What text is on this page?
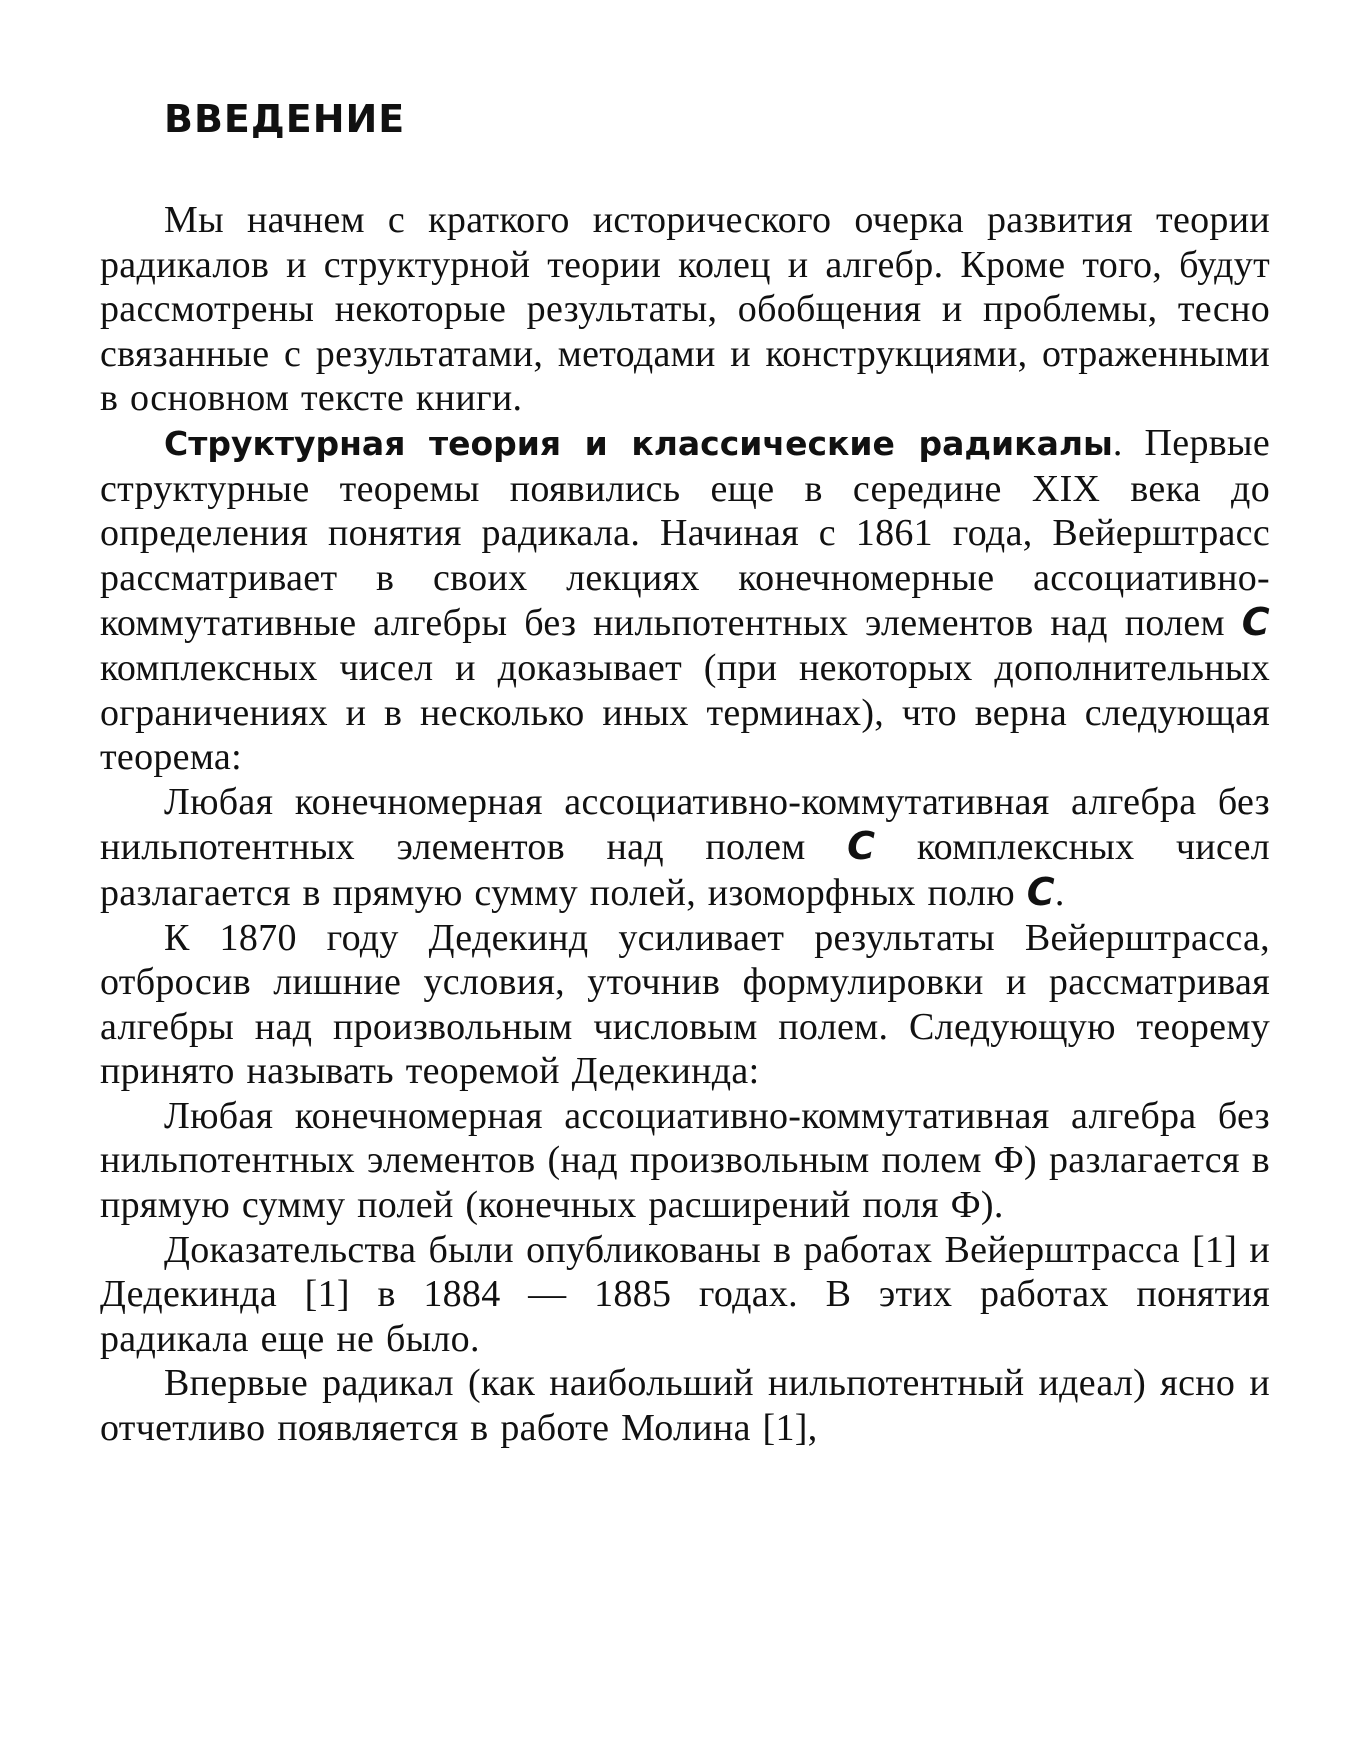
ВВЕДЕНИЕ

Мы начнем с краткого исторического очерка развития теории радикалов и структурной теории колец и алгебр. Кроме того, будут рассмотрены некоторые результаты, обобщения и проблемы, тесно связанные с результатами, методами и конструкциями, отраженными в основном тексте книги.

Структурная теория и классические радикалы. Первые структурные теоремы появились еще в середине XIX века до определения понятия радикала. Начиная с 1861 года, Вейерштрасс рассматривает в своих лекциях конечномерные ассоциативно-коммутативные алгебры без нильпотентных элементов над полем C комплексных чисел и доказывает (при некоторых дополнительных ограничениях и в несколько иных терминах), что верна следующая теорема:

Любая конечномерная ассоциативно-коммутативная алгебра без нильпотентных элементов над полем C комплексных чисел разлагается в прямую сумму полей, изоморфных полю C.

К 1870 году Дедекинд усиливает результаты Вейерштрасса, отбросив лишние условия, уточнив формулировки и рассматривая алгебры над произвольным числовым полем. Следующую теорему принято называть теоремой Дедекинда:

Любая конечномерная ассоциативно-коммутативная алгебра без нильпотентных элементов (над произвольным полем Ф) разлагается в прямую сумму полей (конечных расширений поля Ф).

Доказательства были опубликованы в работах Вейерштрасса [1] и Дедекинда [1] в 1884 — 1885 годах. В этих работах понятия радикала еще не было.

Впервые радикал (как наибольший нильпотентный идеал) ясно и отчетливо появляется в работе Молина [1],
